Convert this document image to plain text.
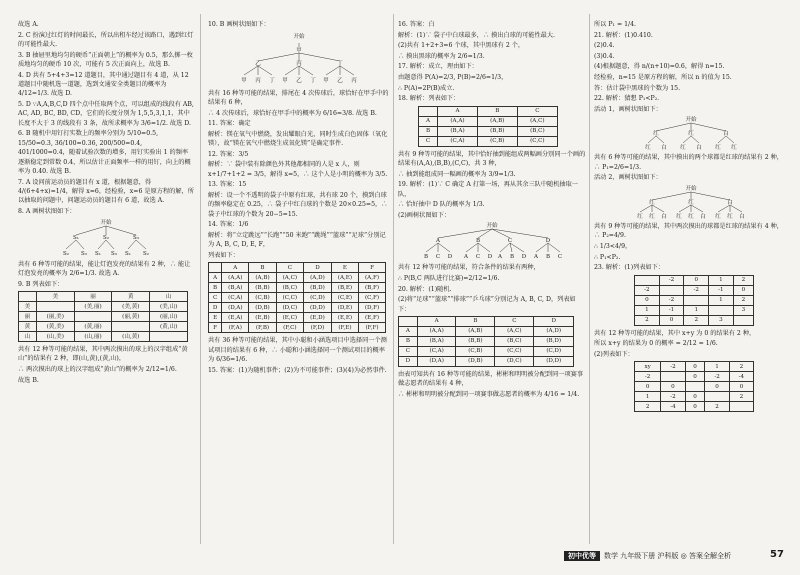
故选 A.

2. C 扮演过红灯的时间最长，所以出租车经过该路口，遇到红灯的可能性最大.

3. B 抽屉里地均匀的硬币“正面朝上”的概率为 0.5，那么掷一枚质地均匀的硬币 10 次，可能有 5 次正面向上，故选 B.

4. D 共有 5+4+3=12 道题目，其中通过题目有 4 道，从 12 道题目中随机选一道题，选到文通安全类题目的概率为 4/12=1/3. 故选 D.

5. D ∵A,A,B,C,D 四个点中任取两个点，可以组成的线段有 AB, AC, AD, BC, BD, CD，它们的长度分别为 1,5,5,3,1,1，其中长度不大于 3 的线段有 3 条，故所求概率为 3/6=1/2. 故选 D.

6. B 随机中用钉打实数上的频率分别为 5/10=0.5, 15/50=0.3, 36/100=0.36, 200/500=0.4, 401/1000=0.4，随着试验次数的增多，用钉实验出 1 的频率逐渐稳定到常数 0.4，所以估计正面频率一样的用钉，向上的概率为 0.40. 故选 B.

7. A 设问前运动员的题目有 x 道，根据题意，得 4/(6+4+x)=1/4，解得 x=6，经检验，x=6 是原方程的解，所以抽取的问题中，问题运动员的题目有 6 道，故选 A.

8. A 画树状图如下：

开始
S₁	S₂	S₃
S₂ S₃ S₁ S₃ S₁ S₂

共有 6 种等可能的结果，能让灯泡发亮的结果有 2 种，∴ 能让灯泡发亮的概率为 2/6=1/3. 故选 A.

9. B 列表如下：

	美	丽	黄	山
美		(美,丽)	(美,黄)	(美,山)
丽	(丽,美)		(丽,黄)	(丽,山)
黄	(黄,美)	(黄,丽)		(黄,山)
山	(山,美)	(山,丽)	(山,黄)	

共有 12 种等可能的结果，其中两次摸出的球上的汉字组成“黄山”的结果有 2 种，即(山,黄),(黄,山)，

∴ 两次摸出的球上的汉字组成“黄山”的概率为 2/12=1/6.

故选 B.

10. B 画树状图如下：

开始
甲
乙	丙	丁
甲 丙 丁 甲 乙 丁 甲 乙 丙

共有 16 种等可能的结果，排尾在 4 次传球后，球恰好在甲手中的结果有 6 种，

∴ 4 次传球后，球恰好在甲手中的概率为 6/16=3/8. 故选 B.

11. 答案：确定

解析：镁在氧气中燃烧，发出耀眼白光，同时生成白色固体（氧化镁），故“镁在氧气中燃烧生成氧化镁”是确定事件.

12. 答案：3/5

解析：∵ 袋中装有除颜色外其他都相同的人是 x 人，则 x+1/7+1+2 = 3/5，解得 x=5，∴ 这个人是小明的概率为 3/5.

13. 答案：15

解析：设一个不透明的袋子中原有红球，共有球 20 个，摸到白球的频率稳定在 0.25，∴ 袋子中红白球的个数是 20×0.25=5，∴ 袋子中红球的个数为 20−5=15.

14. 答案：1/6

解析：将“立定跳远”“长跑”“50 米跑”“跳绳”“篮球”“足球”分别记为 A, B, C, D, E, F，

列表如下：

	A	B	C	D	E	F
A	(A,A)	(A,B)	(A,C)	(A,D)	(A,E)	(A,F)
B	(B,A)	(B,B)	(B,C)	(B,D)	(B,E)	(B,F)
C	(C,A)	(C,B)	(C,C)	(C,D)	(C,E)	(C,F)
D	(D,A)	(D,B)	(D,C)	(D,D)	(D,E)	(D,F)
E	(E,A)	(E,B)	(E,C)	(E,D)	(E,E)	(E,F)
F	(F,A)	(F,B)	(F,C)	(F,D)	(F,E)	(F,F)

共有 36 种等可能的结果，其中小聪和小涵选项目中选择同一个测试项目的结果有 6 种，∴ 小聪和小涵选择同一个测试项目的概率为 6/36=1/6.

15. 答案：(1)为随机事件；(2)为不可能事件；(3)(4)为必然事件.

16. 答案：白

解析：(1)∵ 袋子中白球最多，∴ 摸出白球的可能性最大.

(2)共有 1+2+3=6 个球，其中黑球有 2 个，

∴ 摸出黑球的概率为 2/6=1/3.

17. 解析：成立，理由如下：

由题意得 P(A)=2/3, P(B)=2/6=1/3，

∴ P(A)=2P(B)成立.

18. 解析：列表如下：

	A	B	C
A	(A,A)	(A,B)	(A,C)
B	(B,A)	(B,B)	(B,C)
C	(C,A)	(C,B)	(C,C)

共有 9 种等可能的结果，其中恰好抽到能组成两幅画分别同一个画的结果有(A,A),(B,B),(C,C)，共 3 种，

∴ 抽到能组成同一幅画的概率为 3/9=1/3.

19. 解析：(1)∵ C 确定 A 打第一场，再从其余三队中随机抽取一队，

∴ 恰好抽中 D 队的概率为 1/3.

(2)画树状图如下：

开始
A	B	C	D
B C D A C D A B D A B C

共有 12 种等可能的结果，符合条件的结果有两种，

∴ P(B,C 两队进行比赛)=2/12=1/6.

20. 解析：(1)随机.

(2)将“足球”“篮球”“排球”“乒乓球”分别记为 A, B, C, D，列表如下：

	A	B	C	D
A	(A,A)	(A,B)	(A,C)	(A,D)
B	(B,A)	(B,B)	(B,C)	(B,D)
C	(C,A)	(C,B)	(C,C)	(C,D)
D	(D,A)	(D,B)	(D,C)	(D,D)

由表可知共有 16 种等可能的结果，彬彬和明明被分配到同一项赛事做志愿者的结果有 4 种，

∴ 彬彬和明明被分配到同一项赛事做志愿者的概率为 4/16 = 1/4.

所以 P₁ = 1/4.

21. 解析：(1)0.410.

(2)0.4.

(3)0.4.

(4)根据题意，得 n/(n+10)=0.6，解得 n=15.

经检验，n=15 是原方程的解，所以 n 的值为 15.

答：估计袋中黑球的个数为 15.

22. 解析：猜想 P₁<P₂.

活动 1，画树状图如下：

开始
红	红	白
红 白 红 白 红 红

共有 6 种等可能的结果，其中摸出的两个球都是红球的结果有 2 种，∴ P₁=2/6=1/3.

活动 2，画树状图如下：

开始
红	红	白
红 红 白 红 红 白 红 红 白

共有 9 种等可能的结果，其中两次摸出的球都是红球的结果有 4 种，∴ P₂=4/9.

∴ 1/3<4/9，

∴ P₁<P₂.

23. 解析：(1)列表如下：

	-2	0	1	2
-2		-2	-1	0
0	-2		1	2
1	-1	1		3
2	0	2	3	

共有 12 种等可能的结果，其中 x+y 为 0 的结果有 2 种，

所以 x+y 的结果为 0 的概率 = 2/12 = 1/6.

(2)列表如下：

xy	-2	0	1	2
-2		0	-2	-4
0	0		0	0
1	-2	0		2
2	-4	0	2	
初中优等 数学 九年级下册 沪科版 ◎ 答案全解全析	57
